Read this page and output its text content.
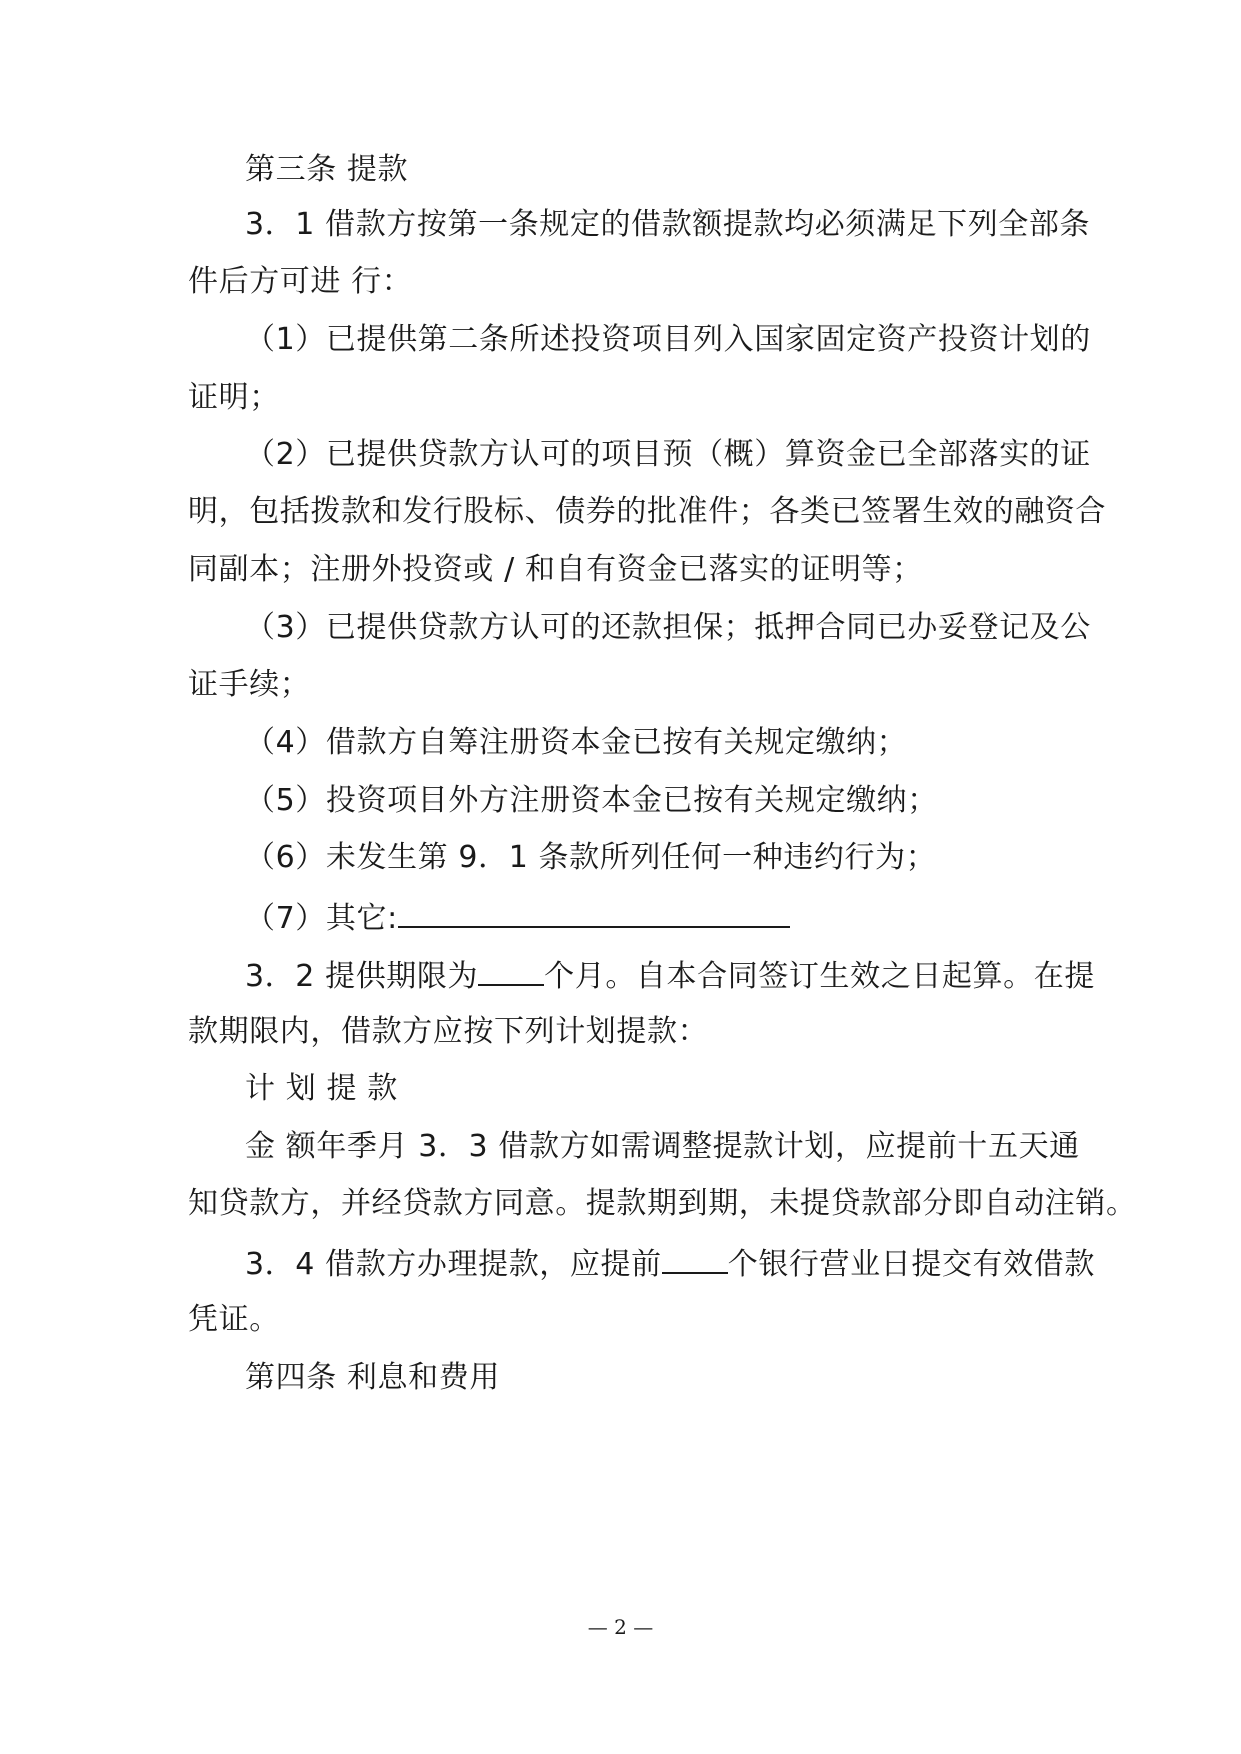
第三条 提款

3．1 借款方按第一条规定的借款额提款均必须满足下列全部条

件后方可进 行：

（1）已提供第二条所述投资项目列入国家固定资产投资计划的

证明；

（2）已提供贷款方认可的项目预（概）算资金已全部落实的证

明，包括拨款和发行股标、债券的批准件；各类已签署生效的融资合

同副本；注册外投资或 / 和自有资金已落实的证明等；

（3）已提供贷款方认可的还款担保；抵押合同已办妥登记及公

证手续；

（4）借款方自筹注册资本金已按有关规定缴纳；

（5）投资项目外方注册资本金已按有关规定缴纳；

（6）未发生第 9．1 条款所列任何一种违约行为；

（7）其它:

3．2 提供期限为 个月。自本合同签订生效之日起算。在提

款期限内，借款方应按下列计划提款：

计 划 提 款

金 额年季月 3．3 借款方如需调整提款计划，应提前十五天通

知贷款方，并经贷款方同意。提款期到期，未提贷款部分即自动注销。

3．4 借款方办理提款，应提前 个银行营业日提交有效借款

凭证。

第四条 利息和费用

— 2 —
